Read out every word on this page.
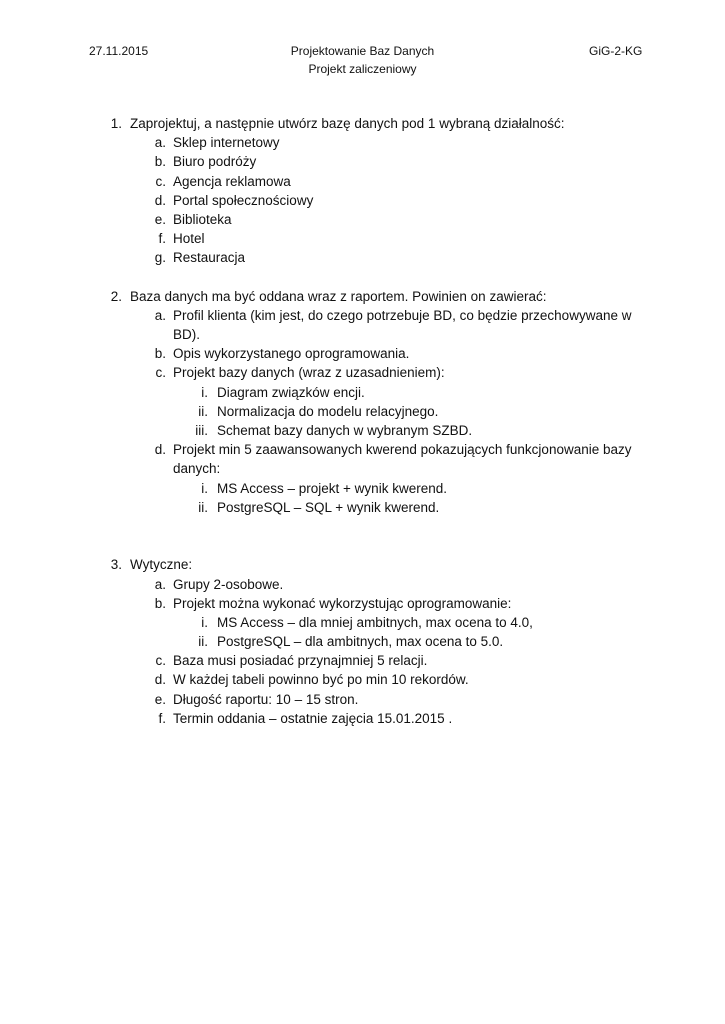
27.11.2015	Projektowanie Baz Danych
Projekt zaliczeniowy
GiG-2-KG
1. Zaprojektuj, a następnie utwórz bazę danych pod 1 wybraną działalność:
a. Sklep internetowy
b. Biuro podróży
c. Agencja reklamowa
d. Portal społecznościowy
e. Biblioteka
f. Hotel
g. Restauracja
2. Baza danych ma być oddana wraz z raportem. Powinien on zawierać:
a. Profil klienta (kim jest, do czego potrzebuje BD, co będzie przechowywane w
BD).
b. Opis wykorzystanego oprogramowania.
c. Projekt bazy danych (wraz z uzasadnieniem):
i. Diagram związków encji.
ii. Normalizacja do modelu relacyjnego.
iii. Schemat bazy danych w wybranym SZBD.
d. Projekt min 5 zaawansowanych kwerend pokazujących funkcjonowanie bazy
danych:
i. MS Access – projekt + wynik kwerend.
ii. PostgreSQL – SQL + wynik kwerend.
3. Wytyczne:
a. Grupy 2-osobowe.
b. Projekt można wykonać wykorzystując oprogramowanie:
i. MS Access – dla mniej ambitnych, max ocena to 4.0,
ii. PostgreSQL – dla ambitnych, max ocena to 5.0.
c. Baza musi posiadać przynajmniej 5 relacji.
d. W każdej tabeli powinno być po min 10 rekordów.
e. Długość raportu: 10 – 15 stron.
f. Termin oddania – ostatnie zajęcia 15.01.2015 .
